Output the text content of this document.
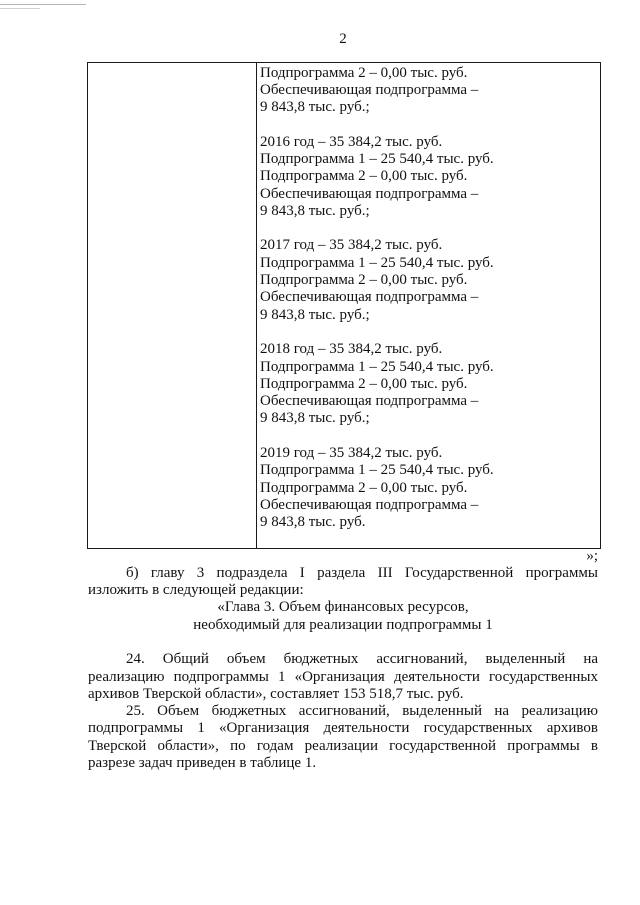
2
Подпрограмма 2 – 0,00 тыс. руб.
Обеспечивающая подпрограмма –
9 843,8 тыс. руб.;
2016 год – 35 384,2 тыс. руб.
Подпрограмма 1 – 25 540,4 тыс. руб.
Подпрограмма 2 – 0,00 тыс. руб.
Обеспечивающая подпрограмма –
9 843,8 тыс. руб.;
2017 год – 35 384,2 тыс. руб.
Подпрограмма 1 – 25 540,4 тыс. руб.
Подпрограмма 2 – 0,00 тыс. руб.
Обеспечивающая подпрограмма –
9 843,8 тыс. руб.;
2018 год – 35 384,2 тыс. руб.
Подпрограмма 1 – 25 540,4 тыс. руб.
Подпрограмма 2 – 0,00 тыс. руб.
Обеспечивающая подпрограмма –
9 843,8 тыс. руб.;
2019 год – 35 384,2 тыс. руб.
Подпрограмма 1 – 25 540,4 тыс. руб.
Подпрограмма 2 – 0,00 тыс. руб.
Обеспечивающая подпрограмма –
9 843,8 тыс. руб.
»;
б) главу 3 подраздела I раздела III Государственной программы
изложить в следующей редакции:
«Глава 3. Объем финансовых ресурсов,
необходимый для реализации подпрограммы 1
24. Общий объем бюджетных ассигнований, выделенный на
реализацию подпрограммы 1 «Организация деятельности государственных
архивов Тверской области», составляет 153 518,7 тыс. руб.
25. Объем бюджетных ассигнований, выделенный на реализацию
подпрограммы 1 «Организация деятельности государственных архивов
Тверской области», по годам реализации государственной программы в
разрезе задач приведен в таблице 1.
